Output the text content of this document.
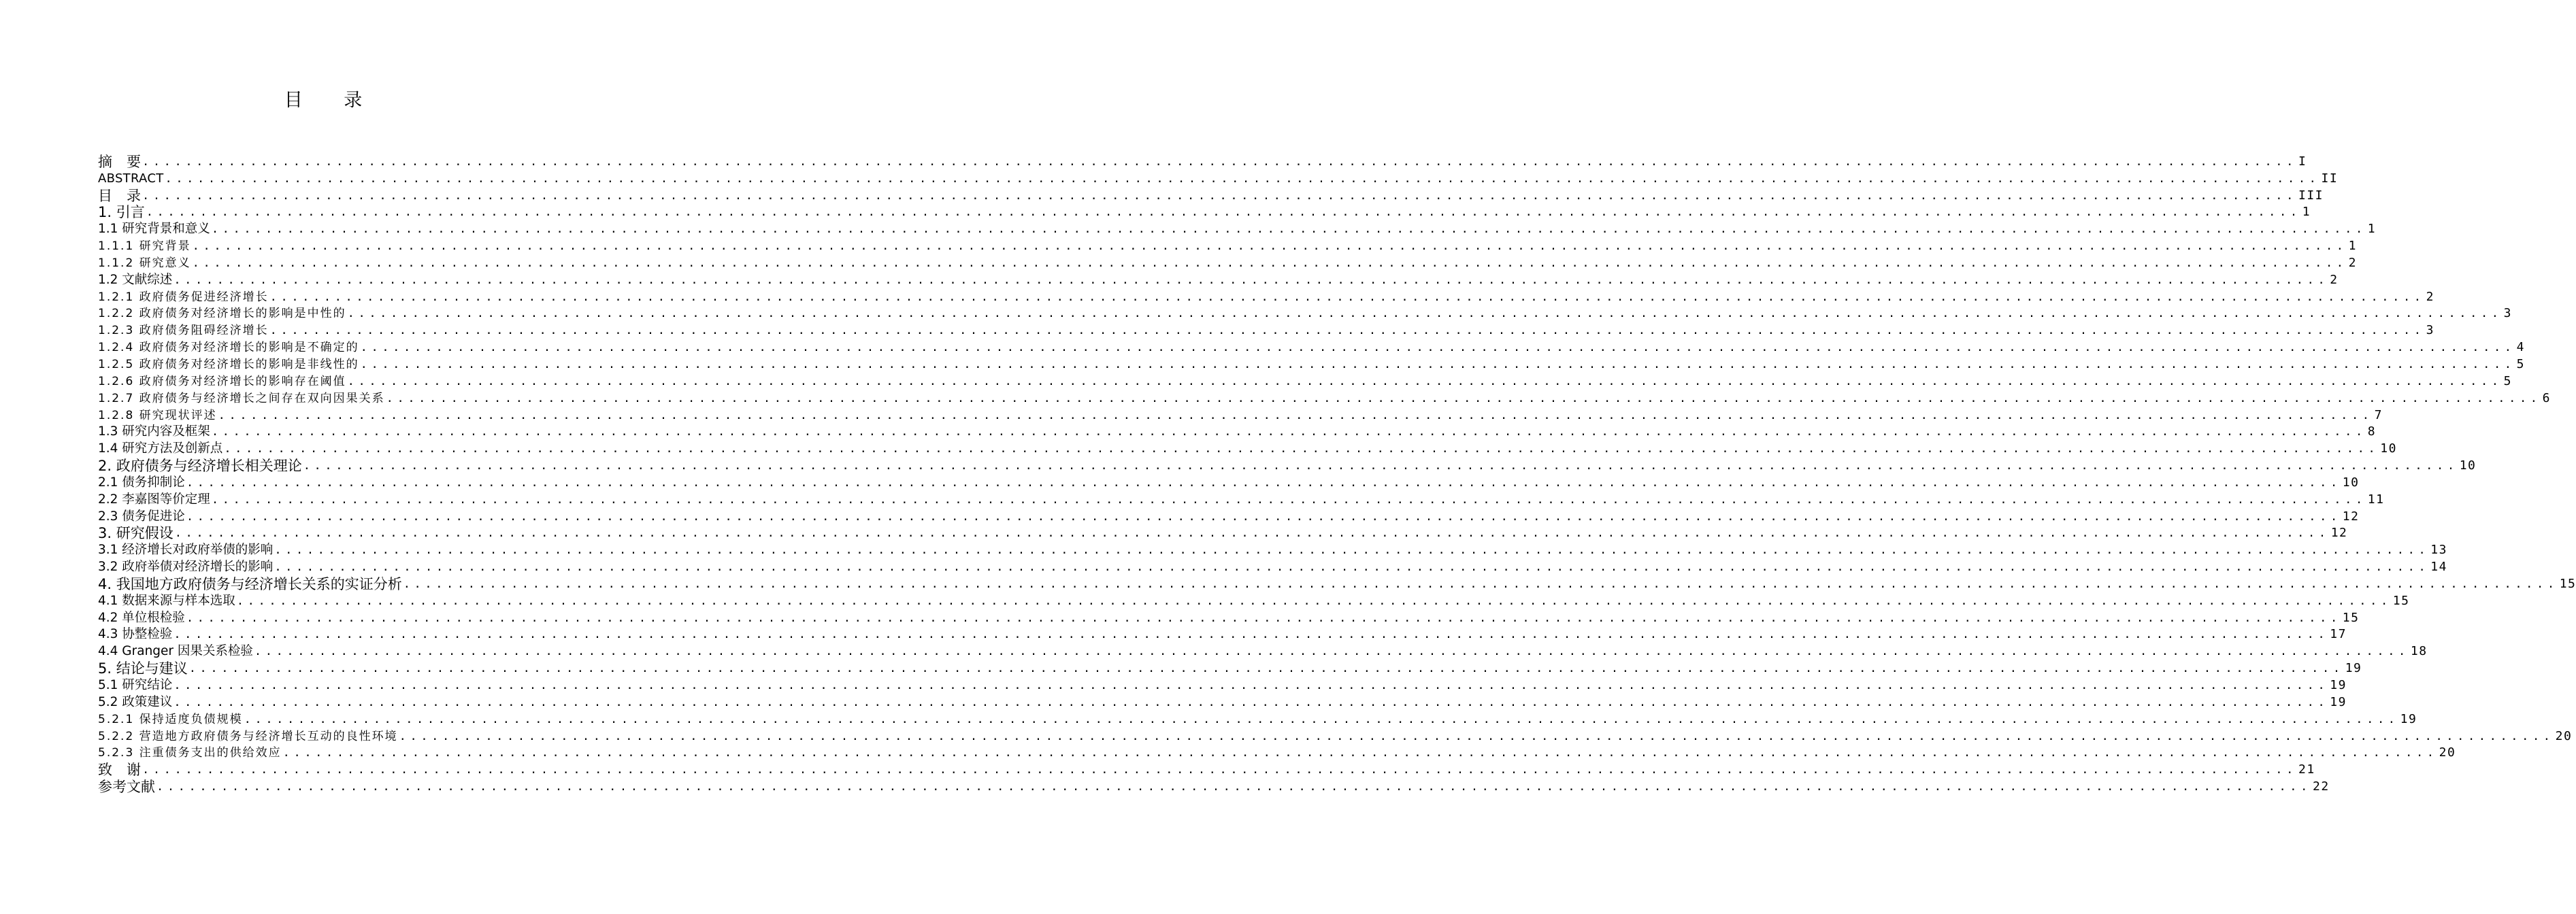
目 录
摘　要 ........................................................................................................................................................................................................ I
ABSTRACT ........................................................................................................................................................................................................ II
目　录 ........................................................................................................................................................................................................ III
1. 引言 ........................................................................................................................................................................................................ 1
1.1 研究背景和意义 ........................................................................................................................................................................................................ 1
1.1.1 研究背景 ........................................................................................................................................................................................................ 1
1.1.2 研究意义 ........................................................................................................................................................................................................ 2
1.2 文献综述 ........................................................................................................................................................................................................ 2
1.2.1 政府债务促进经济增长 ........................................................................................................................................................................................................ 2
1.2.2 政府债务对经济增长的影响是中性的 ........................................................................................................................................................................................................ 3
1.2.3 政府债务阻碍经济增长 ........................................................................................................................................................................................................ 3
1.2.4 政府债务对经济增长的影响是不确定的 ........................................................................................................................................................................................................ 4
1.2.5 政府债务对经济增长的影响是非线性的 ........................................................................................................................................................................................................ 5
1.2.6 政府债务对经济增长的影响存在阈值 ........................................................................................................................................................................................................ 5
1.2.7 政府债务与经济增长之间存在双向因果关系 ........................................................................................................................................................................................................ 6
1.2.8 研究现状评述 ........................................................................................................................................................................................................ 7
1.3 研究内容及框架 ........................................................................................................................................................................................................ 8
1.4 研究方法及创新点 ........................................................................................................................................................................................................ 10
2. 政府债务与经济增长相关理论 ........................................................................................................................................................................................................ 10
2.1 债务抑制论 ........................................................................................................................................................................................................ 10
2.2 李嘉图等价定理 ........................................................................................................................................................................................................ 11
2.3 债务促进论 ........................................................................................................................................................................................................ 12
3. 研究假设 ........................................................................................................................................................................................................ 12
3.1 经济增长对政府举债的影响 ........................................................................................................................................................................................................ 13
3.2 政府举债对经济增长的影响 ........................................................................................................................................................................................................ 14
4. 我国地方政府债务与经济增长关系的实证分析 ........................................................................................................................................................................................................ 15
4.1 数据来源与样本选取 ........................................................................................................................................................................................................ 15
4.2 单位根检验 ........................................................................................................................................................................................................ 15
4.3 协整检验 ........................................................................................................................................................................................................ 17
4.4 Granger 因果关系检验 ........................................................................................................................................................................................................ 18
5. 结论与建议 ........................................................................................................................................................................................................ 19
5.1 研究结论 ........................................................................................................................................................................................................ 19
5.2 政策建议 ........................................................................................................................................................................................................ 19
5.2.1 保持适度负债规模 ........................................................................................................................................................................................................ 19
5.2.2 营造地方政府债务与经济增长互动的良性环境 ........................................................................................................................................................................................................ 20
5.2.3 注重债务支出的供给效应 ........................................................................................................................................................................................................ 20
致　谢 ........................................................................................................................................................................................................ 21
参考文献 ........................................................................................................................................................................................................ 22
